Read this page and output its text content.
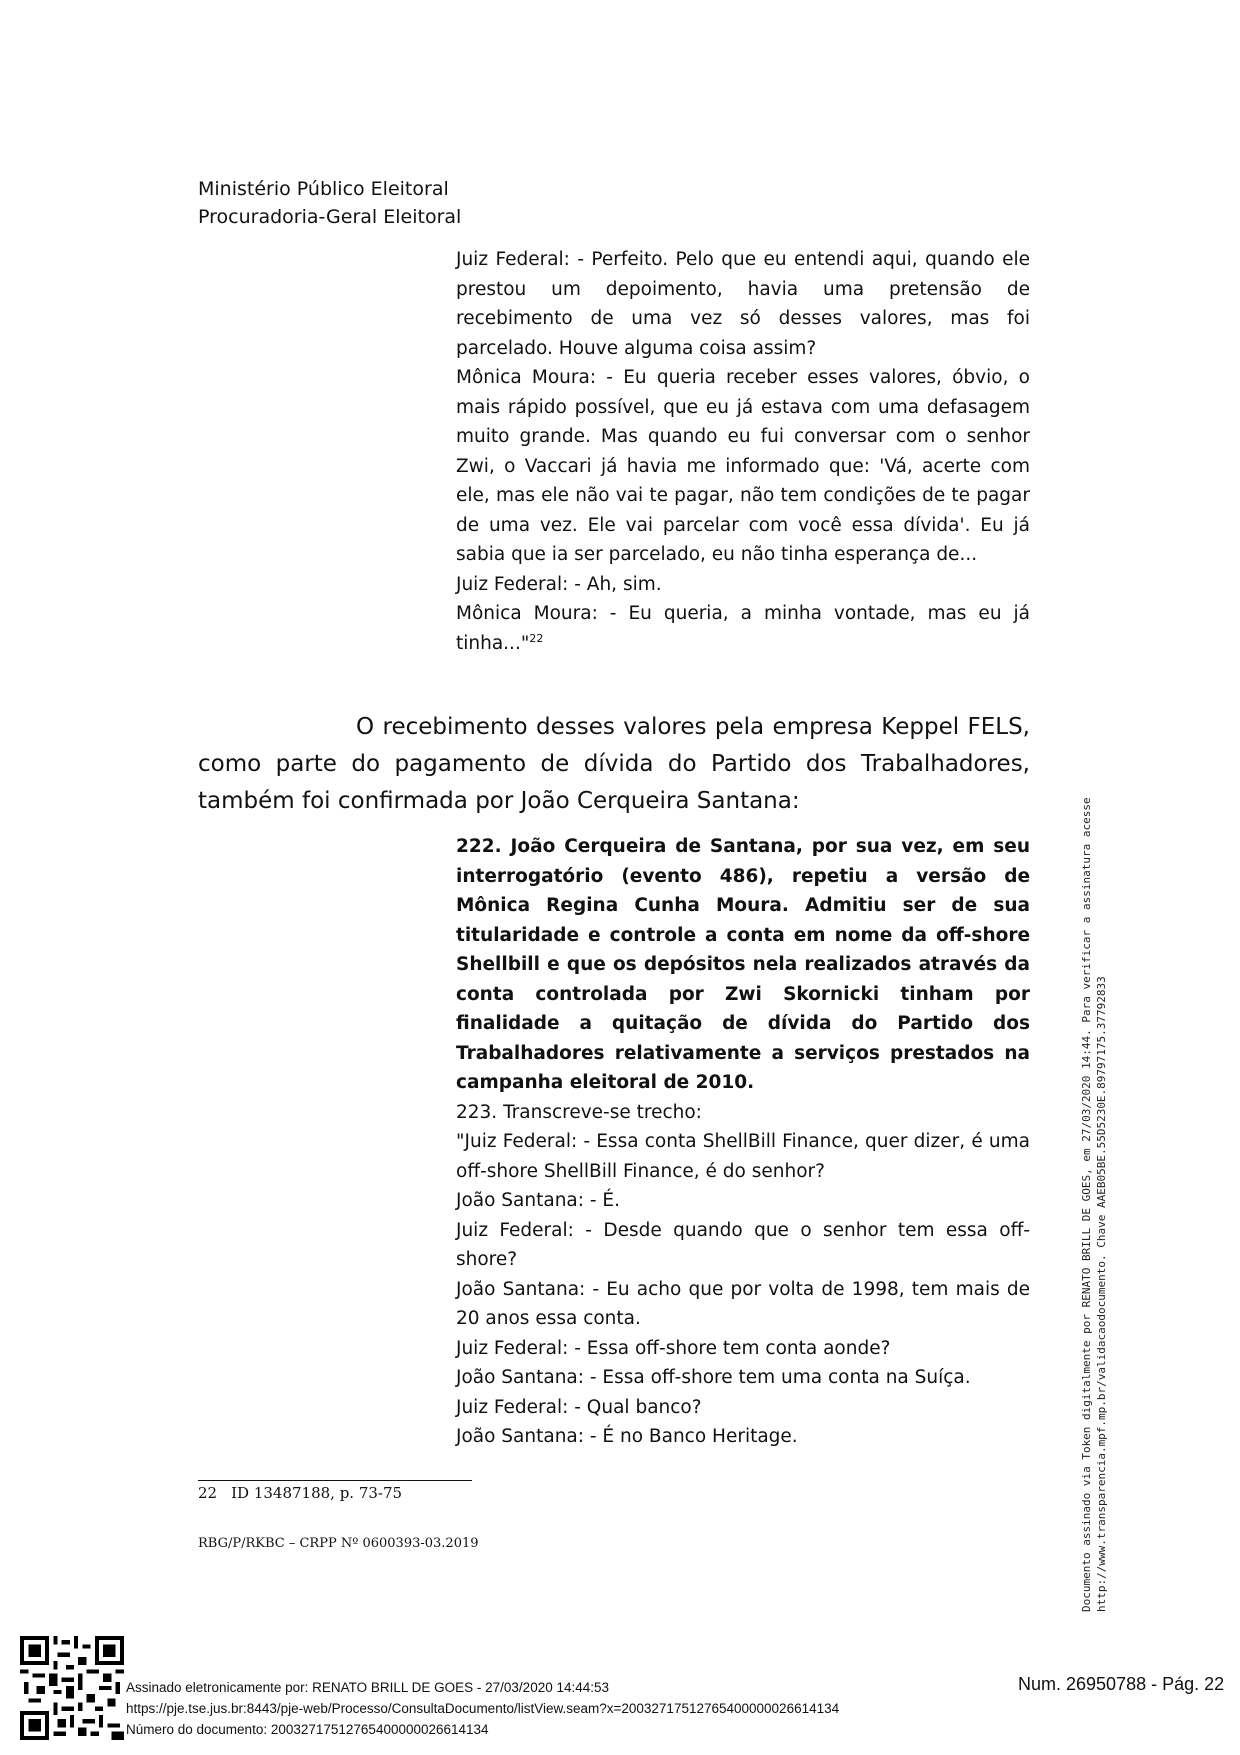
Ministério Público Eleitoral
Procuradoria-Geral Eleitoral

Juiz Federal: - Perfeito. Pelo que eu entendi aqui, quando ele prestou um depoimento, havia uma pretensão de recebimento de uma vez só desses valores, mas foi parcelado. Houve alguma coisa assim?

Mônica Moura: - Eu queria receber esses valores, óbvio, o mais rápido possível, que eu já estava com uma defasagem muito grande. Mas quando eu fui conversar com o senhor Zwi, o Vaccari já havia me informado que: 'Vá, acerte com ele, mas ele não vai te pagar, não tem condições de te pagar de uma vez. Ele vai parcelar com você essa dívida'. Eu já sabia que ia ser parcelado, eu não tinha esperança de...

Juiz Federal: - Ah, sim.

Mônica Moura: - Eu queria, a minha vontade, mas eu já tinha..."$^{22}$

O recebimento desses valores pela empresa Keppel FELS, como parte do pagamento de dívida do Partido dos Trabalhadores, também foi confirmada por João Cerqueira Santana:

222. João Cerqueira de Santana, por sua vez, em seu interrogatório (evento 486), repetiu a versão de Mônica Regina Cunha Moura. Admitiu ser de sua titularidade e controle a conta em nome da off-shore Shellbill e que os depósitos nela realizados através da conta controlada por Zwi Skornicki tinham por finalidade a quitação de dívida do Partido dos Trabalhadores relativamente a serviços prestados na campanha eleitoral de 2010.

223. Transcreve-se trecho:

"Juiz Federal: - Essa conta ShellBill Finance, quer dizer, é uma off-shore ShellBill Finance, é do senhor?

João Santana: - É.

Juiz Federal: - Desde quando que o senhor tem essa off-shore?

João Santana: - Eu acho que por volta de 1998, tem mais de 20 anos essa conta.

Juiz Federal: - Essa off-shore tem conta aonde?

João Santana: - Essa off-shore tem uma conta na Suíça.

Juiz Federal: - Qual banco?

João Santana: - É no Banco Heritage.

22 ID 13487188, p. 73-75
RBG/P/RKBC – CRPP Nº 0600393-03.2019	Documento assinado via Token digitalmente por RENATO BRILL DE GOES, em 27/03/2020 14:44. Para verificar a assinatura acesse http://www.transparencia.mpf.mp.br/validacaodocumento. Chave AAEB05BE.55D5230E.89797175.37792833
Assinado eletronicamente por: RENATO BRILL DE GOES - 27/03/2020 14:44:53
https://pje.tse.jus.br:8443/pje-web/Processo/ConsultaDocumento/listView.seam?x=20032717512765400000026614134
Número do documento: 20032717512765400000026614134
Num. 26950788 - Pág. 22
